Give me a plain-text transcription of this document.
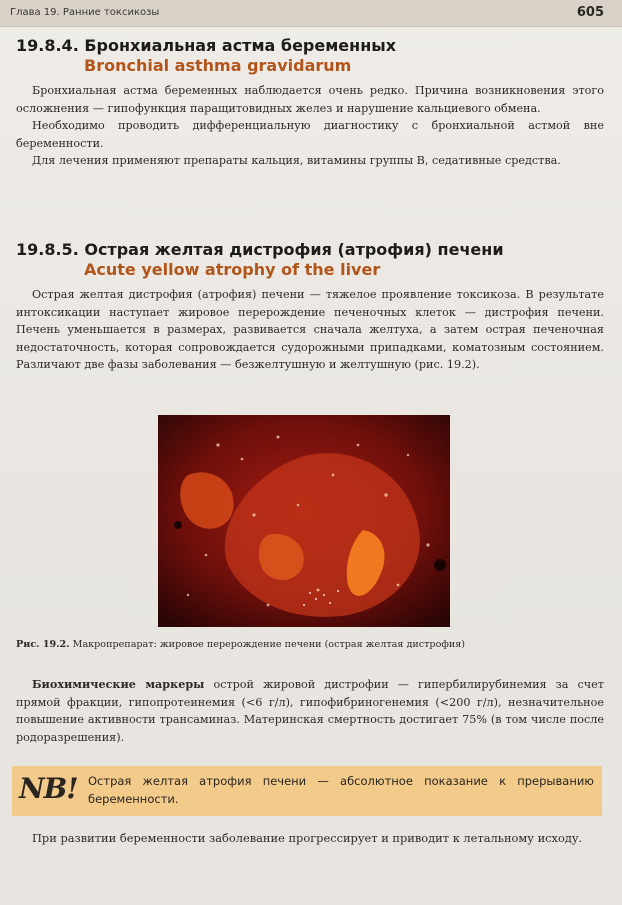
Глава 19. Ранние токсикозы	605
19.8.4. Бронхиальная астма беременных
Bronchial asthma gravidarum

Бронхиальная астма беременных наблюдается очень редко. Причина возникновения этого осложнения — гипофункция паращитовидных желез и нарушение кальциевого обмена.

Необходимо проводить дифференциальную диагностику с бронхиальной астмой вне беременности.

Для лечения применяют препараты кальция, витамины группы В, седативные средства.

19.8.5. Острая желтая дистрофия (атрофия) печени
Acute yellow atrophy of the liver

Острая желтая дистрофия (атрофия) печени — тяжелое проявление токсикоза. В результате интоксикации наступает жировое перерождение печеночных клеток — дистрофия печени. Печень уменьшается в размерах, развивается сначала желтуха, а затем острая печеночная недостаточность, которая сопровождается судорожными припадками, коматозным состоянием. Различают две фазы заболевания — безжелтушную и желтушную (рис. 19.2).

Рис. 19.2. Макропрепарат: жировое перерождение печени (острая желтая дистрофия)

Биохимические маркеры острой жировой дистрофии — гипербилирубинемия за счет прямой фракции, гипопротеинемия (<6 г/л), гипофибриногенемия (<200 г/л), незначительное повышение активности трансаминаз. Материнская смертность достигает 75% (в том числе после родоразрешения).

NB! Острая желтая атрофия печени — абсолютное показание к прерыванию беременности.

При развитии беременности заболевание прогрессирует и приводит к летальному исходу.
